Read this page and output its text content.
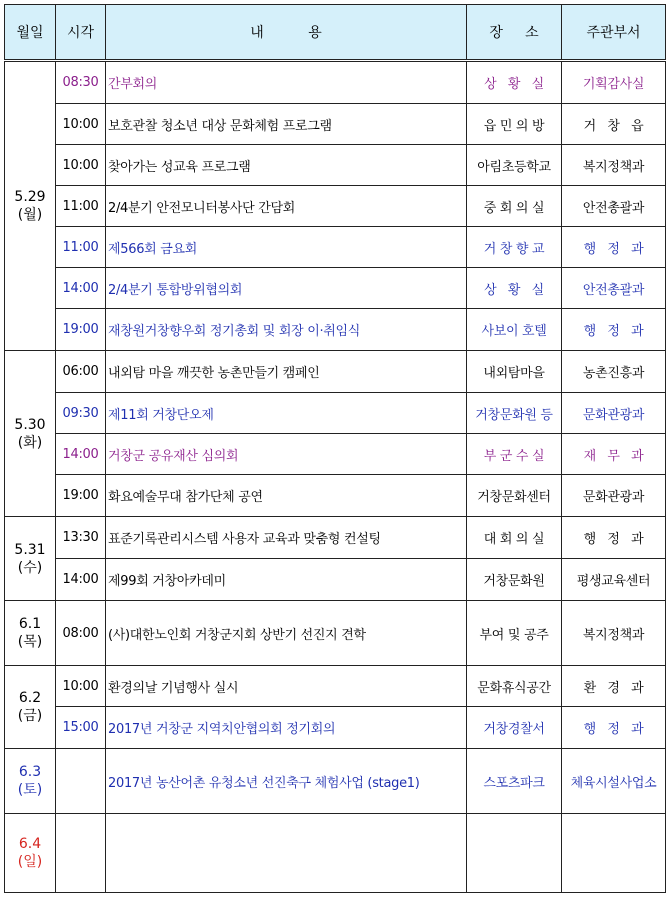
월일	시각	내          용	장     소	주관부서

5.29
(월)	08:30	간부회의	상   황   실	기획감사실
	10:00	보호관찰 청소년 대상 문화체험 프로그램	읍 민 의 방	거   창   읍
	10:00	찾아가는 성교육 프로그램	아림초등학교	복지정책과
	11:00	2/4분기 안전모니터봉사단 간담회	중 회 의 실	안전총괄과
	11:00	제566회 금요회	거 창 향 교	행   정   과
	14:00	2/4분기 통합방위협의회	상   황   실	안전총괄과
	19:00	재창원거창향우회 정기총회 및 회장 이·취임식	사보이 호텔	행   정   과

5.30
(화)	06:00	내외탐 마을 깨끗한 농촌만들기 캠페인	내외탐마을	농촌진흥과
	09:30	제11회 거창단오제	거창문화원 등	문화관광과
	14:00	거창군 공유재산 심의회	부 군 수 실	재   무   과
	19:00	화요예술무대 참가단체 공연	거창문화센터	문화관광과

5.31
(수)	13:30	표준기록관리시스템 사용자 교육과 맞춤형 컨설팅	대 회 의 실	행   정   과
	14:00	제99회 거창아카데미	거창문화원	평생교육센터

6.1
(목)	08:00	(사)대한노인회 거창군지회 상반기 선진지 견학	부여 및 공주	복지정책과

6.2
(금)	10:00	환경의날 기념행사 실시	문화휴식공간	환   경   과
	15:00	2017년 거창군 지역치안협의회 정기회의	거창경찰서	행   정   과

6.3
(토)		2017년 농산어촌 유청소년 선진축구 체험사업 (stage1)	스포츠파크	체육시설사업소

6.4
(일)				
